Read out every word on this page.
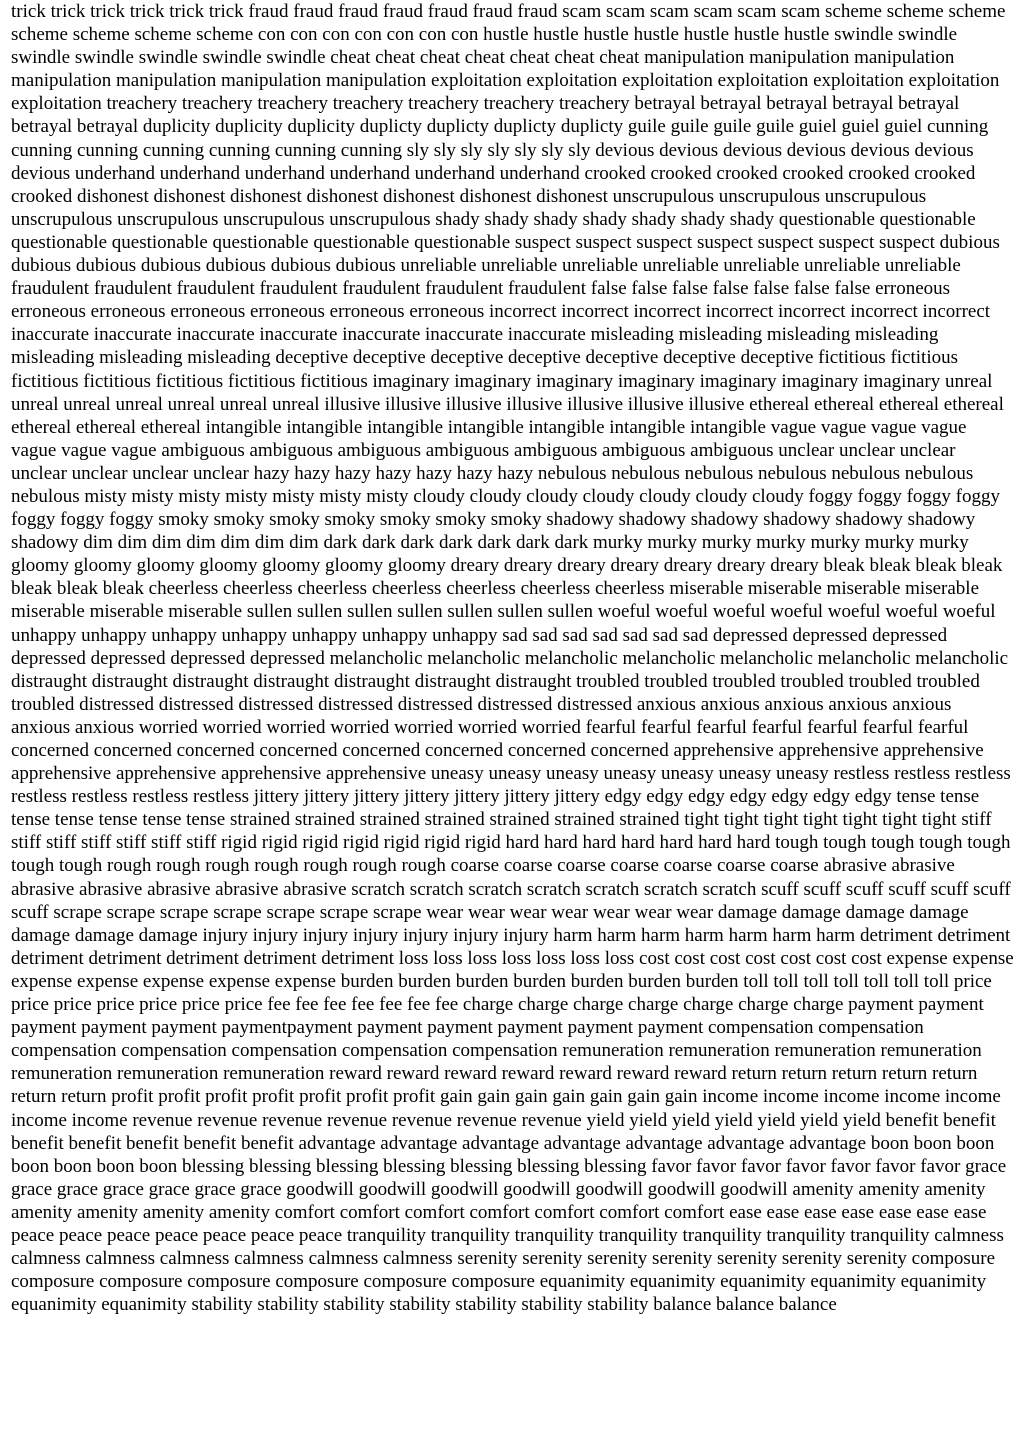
trick trick trick trick trick trick fraud fraud fraud fraud fraud fraud fraud scam scam scam scam scam scam scheme scheme scheme scheme scheme scheme scheme con con con con con con con hustle hustle hustle hustle hustle hustle hustle swindle swindle swindle swindle swindle swindle swindle cheat cheat cheat cheat cheat cheat cheat manipulation manipulation manipulation manipulation manipulation manipulation manipulation exploitation exploitation exploitation exploitation exploitation exploitation exploitation treachery treachery treachery treachery treachery treachery treachery betrayal betrayal betrayal betrayal betrayal betrayal betrayal duplicity duplicity duplicity duplicty duplicty duplicty duplicty guile guile guile guile guiel guiel guiel cunning cunning cunning cunning cunning cunning cunning sly sly sly sly sly sly sly devious devious devious devious devious devious devious underhand underhand underhand underhand underhand underhand crooked crooked crooked crooked crooked crooked crooked dishonest dishonest dishonest dishonest dishonest dishonest dishonest unscrupulous unscrupulous unscrupulous unscrupulous unscrupulous unscrupulous unscrupulous shady shady shady shady shady shady shady questionable questionable questionable questionable questionable questionable questionable suspect suspect suspect suspect suspect suspect suspect dubious dubious dubious dubious dubious dubious dubious unreliable unreliable unreliable unreliable unreliable unreliable unreliable fraudulent fraudulent fraudulent fraudulent fraudulent fraudulent fraudulent false false false false false false false erroneous erroneous erroneous erroneous erroneous erroneous erroneous incorrect incorrect incorrect incorrect incorrect incorrect incorrect inaccurate inaccurate inaccurate inaccurate inaccurate inaccurate inaccurate misleading misleading misleading misleading misleading misleading misleading deceptive deceptive deceptive deceptive deceptive deceptive deceptive fictitious fictitious fictitious fictitious fictitious fictitious fictitious imaginary imaginary imaginary imaginary imaginary imaginary imaginary unreal unreal unreal unreal unreal unreal unreal illusive illusive illusive illusive illusive illusive illusive ethereal ethereal ethereal ethereal ethereal ethereal ethereal intangible intangible intangible intangible intangible intangible intangible vague vague vague vague vague vague vague ambiguous ambiguous ambiguous ambiguous ambiguous ambiguous ambiguous unclear unclear unclear unclear unclear unclear unclear hazy hazy hazy hazy hazy hazy hazy nebulous nebulous nebulous nebulous nebulous nebulous nebulous misty misty misty misty misty misty misty cloudy cloudy cloudy cloudy cloudy cloudy cloudy foggy foggy foggy foggy foggy foggy foggy smoky smoky smoky smoky smoky smoky smoky shadowy shadowy shadowy shadowy shadowy shadowy shadowy dim dim dim dim dim dim dim dark dark dark dark dark dark dark murky murky murky murky murky murky murky gloomy gloomy gloomy gloomy gloomy gloomy gloomy dreary dreary dreary dreary dreary dreary dreary bleak bleak bleak bleak bleak bleak bleak cheerless cheerless cheerless cheerless cheerless cheerless cheerless miserable miserable miserable miserable miserable miserable miserable sullen sullen sullen sullen sullen sullen sullen woeful woeful woeful woeful woeful woeful woeful unhappy unhappy unhappy unhappy unhappy unhappy unhappy sad sad sad sad sad sad sad depressed depressed depressed depressed depressed depressed depressed melancholic melancholic melancholic melancholic melancholic melancholic melancholic distraught distraught distraught distraught distraught distraught distraught troubled troubled troubled troubled troubled troubled troubled distressed distressed distressed distressed distressed distressed distressed anxious anxious anxious anxious anxious anxious anxious worried worried worried worried worried worried worried fearful fearful fearful fearful fearful fearful fearful concerned concerned concerned concerned concerned concerned concerned concerned apprehensive apprehensive apprehensive apprehensive apprehensive apprehensive apprehensive uneasy uneasy uneasy uneasy uneasy uneasy uneasy restless restless restless restless restless restless restless jittery jittery jittery jittery jittery jittery jittery edgy edgy edgy edgy edgy edgy edgy tense tense tense tense tense tense tense strained strained strained strained strained strained strained tight tight tight tight tight tight tight stiff stiff stiff stiff stiff stiff stiff rigid rigid rigid rigid rigid rigid rigid hard hard hard hard hard hard hard tough tough tough tough tough tough tough rough rough rough rough rough rough rough coarse coarse coarse coarse coarse coarse coarse abrasive abrasive abrasive abrasive abrasive abrasive abrasive scratch scratch scratch scratch scratch scratch scratch scuff scuff scuff scuff scuff scuff scuff scrape scrape scrape scrape scrape scrape scrape wear wear wear wear wear wear wear damage damage damage damage damage damage damage injury injury injury injury injury injury injury harm harm harm harm harm harm harm detriment detriment detriment detriment detriment detriment detriment loss loss loss loss loss loss loss cost cost cost cost cost cost cost expense expense expense expense expense expense expense burden burden burden burden burden burden burden toll toll toll toll toll toll toll price price price price price price price fee fee fee fee fee fee fee charge charge charge charge charge charge charge payment payment payment payment payment paymentpayment payment payment payment payment payment compensation compensation compensation compensation compensation compensation compensation remuneration remuneration remuneration remuneration remuneration remuneration remuneration reward reward reward reward reward reward reward return return return return return return return profit profit profit profit profit profit profit gain gain gain gain gain gain gain income income income income income income income revenue revenue revenue revenue revenue revenue revenue yield yield yield yield yield yield yield benefit benefit benefit benefit benefit benefit benefit advantage advantage advantage advantage advantage advantage advantage boon boon boon boon boon boon boon blessing blessing blessing blessing blessing blessing blessing favor favor favor favor favor favor favor grace grace grace grace grace grace grace goodwill goodwill goodwill goodwill goodwill goodwill goodwill amenity amenity amenity amenity amenity amenity amenity comfort comfort comfort comfort comfort comfort comfort ease ease ease ease ease ease ease peace peace peace peace peace peace peace tranquility tranquility tranquility tranquility tranquility tranquility tranquility calmness calmness calmness calmness calmness calmness calmness serenity serenity serenity serenity serenity serenity serenity composure composure composure composure composure composure composure equanimity equanimity equanimity equanimity equanimity equanimity equanimity stability stability stability stability stability stability stability balance balance balance
